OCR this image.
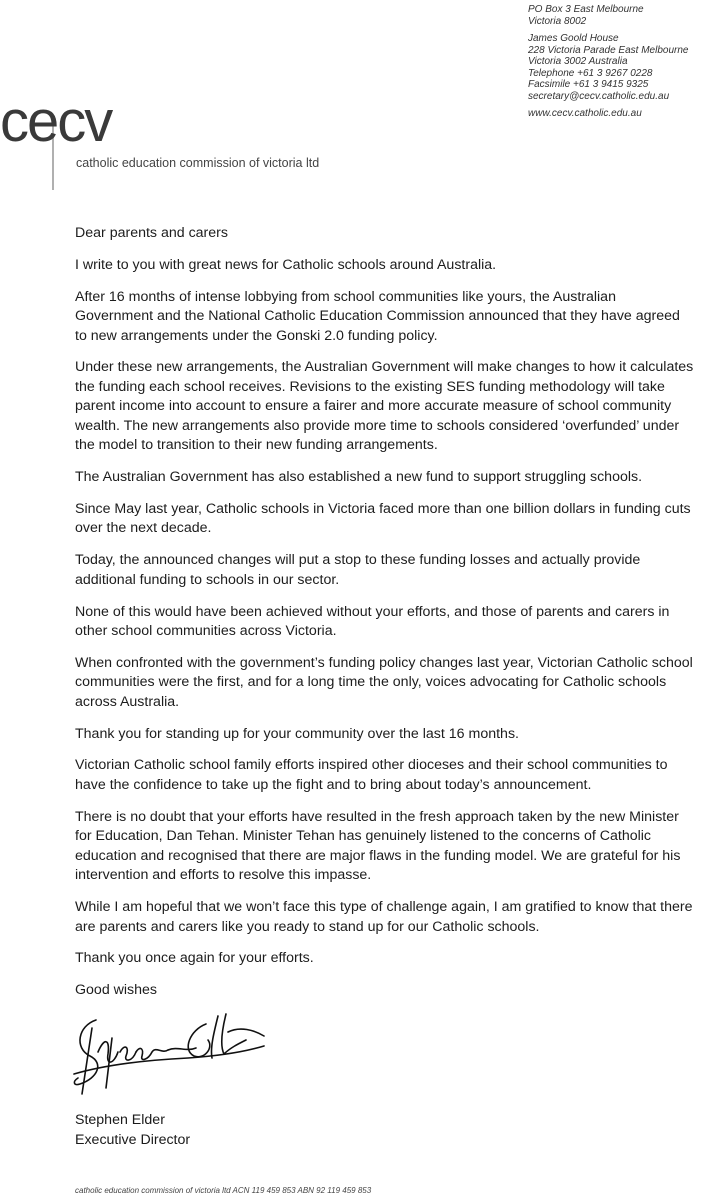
PO Box 3 East Melbourne
Victoria 8002
James Goold House
228 Victoria Parade East Melbourne
Victoria 3002 Australia
Telephone +61 3 9267 0228
Facsimile +61 3 9415 9325
secretary@cecv.catholic.edu.au
www.cecv.catholic.edu.au
cecv
catholic education commission of victoria ltd

Dear parents and carers

I write to you with great news for Catholic schools around Australia.

After 16 months of intense lobbying from school communities like yours, the Australian Government and the National Catholic Education Commission announced that they have agreed to new arrangements under the Gonski 2.0 funding policy.

Under these new arrangements, the Australian Government will make changes to how it calculates the funding each school receives. Revisions to the existing SES funding methodology will take parent income into account to ensure a fairer and more accurate measure of school community wealth. The new arrangements also provide more time to schools considered ‘overfunded’ under the model to transition to their new funding arrangements.

The Australian Government has also established a new fund to support struggling schools.

Since May last year, Catholic schools in Victoria faced more than one billion dollars in funding cuts over the next decade.

Today, the announced changes will put a stop to these funding losses and actually provide additional funding to schools in our sector.

None of this would have been achieved without your efforts, and those of parents and carers in other school communities across Victoria.

When confronted with the government’s funding policy changes last year, Victorian Catholic school communities were the first, and for a long time the only, voices advocating for Catholic schools across Australia.

Thank you for standing up for your community over the last 16 months.

Victorian Catholic school family efforts inspired other dioceses and their school communities to have the confidence to take up the fight and to bring about today’s announcement.

There is no doubt that your efforts have resulted in the fresh approach taken by the new Minister for Education, Dan Tehan. Minister Tehan has genuinely listened to the concerns of Catholic education and recognised that there are major flaws in the funding model. We are grateful for his intervention and efforts to resolve this impasse.

While I am hopeful that we won’t face this type of challenge again, I am gratified to know that there are parents and carers like you ready to stand up for our Catholic schools.

Thank you once again for your efforts.

Good wishes

Stephen Elder
Executive Director
catholic education commission of victoria ltd ACN 119 459 853 ABN 92 119 459 853
